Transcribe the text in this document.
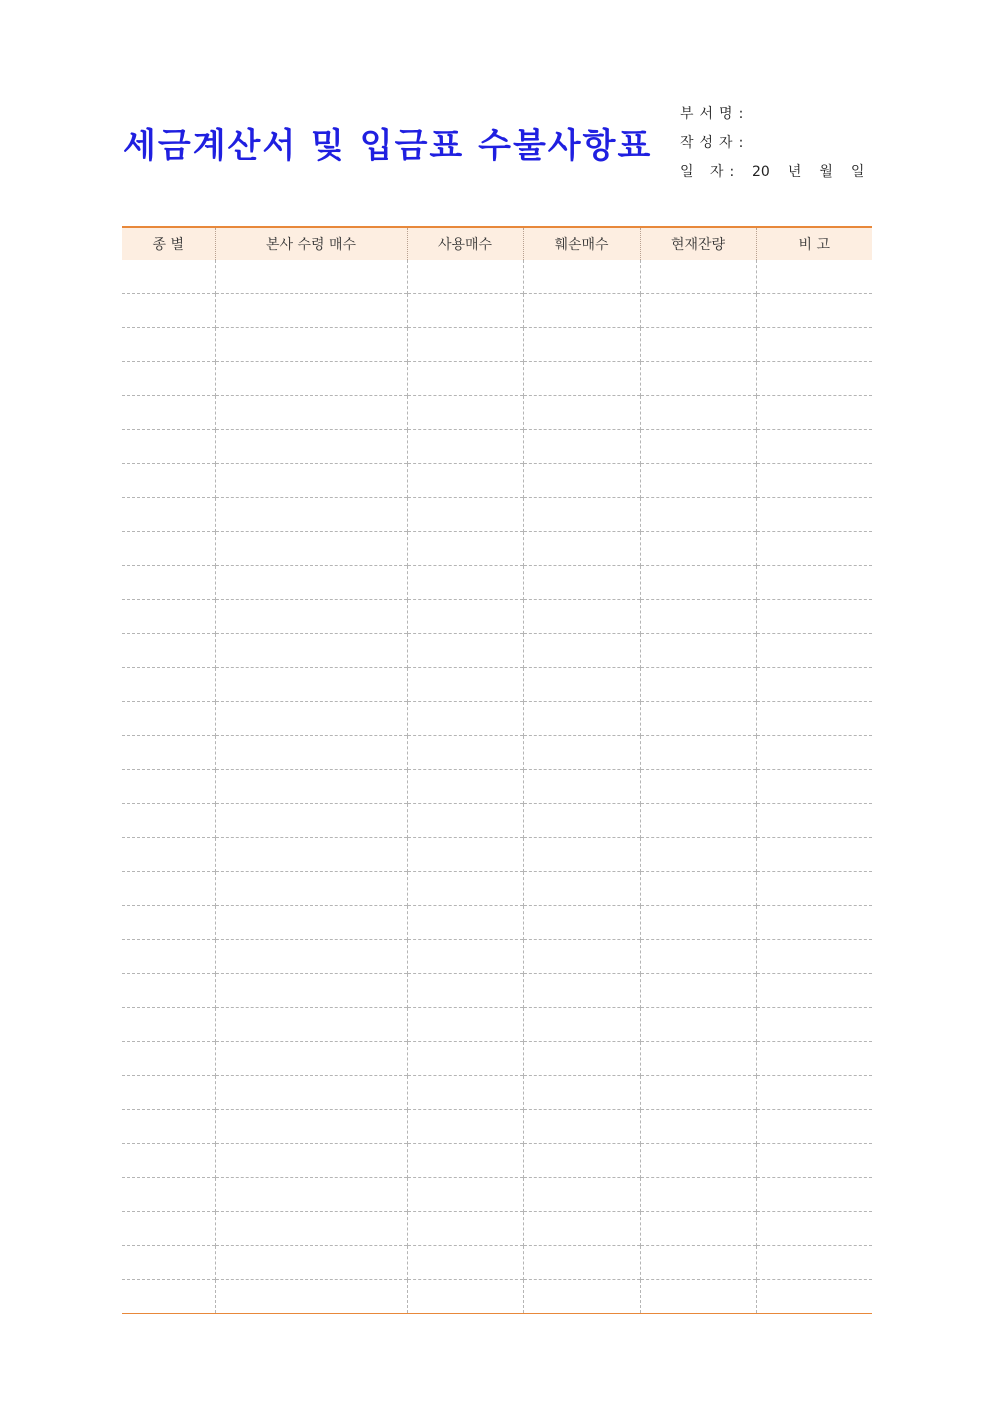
세금계산서 및 입금표 수불사항표
부서명:
작성자:
일 자: 20 년 월 일
종 별	본사 수령 매수	사용매수	훼손매수	현재잔량	비 고
